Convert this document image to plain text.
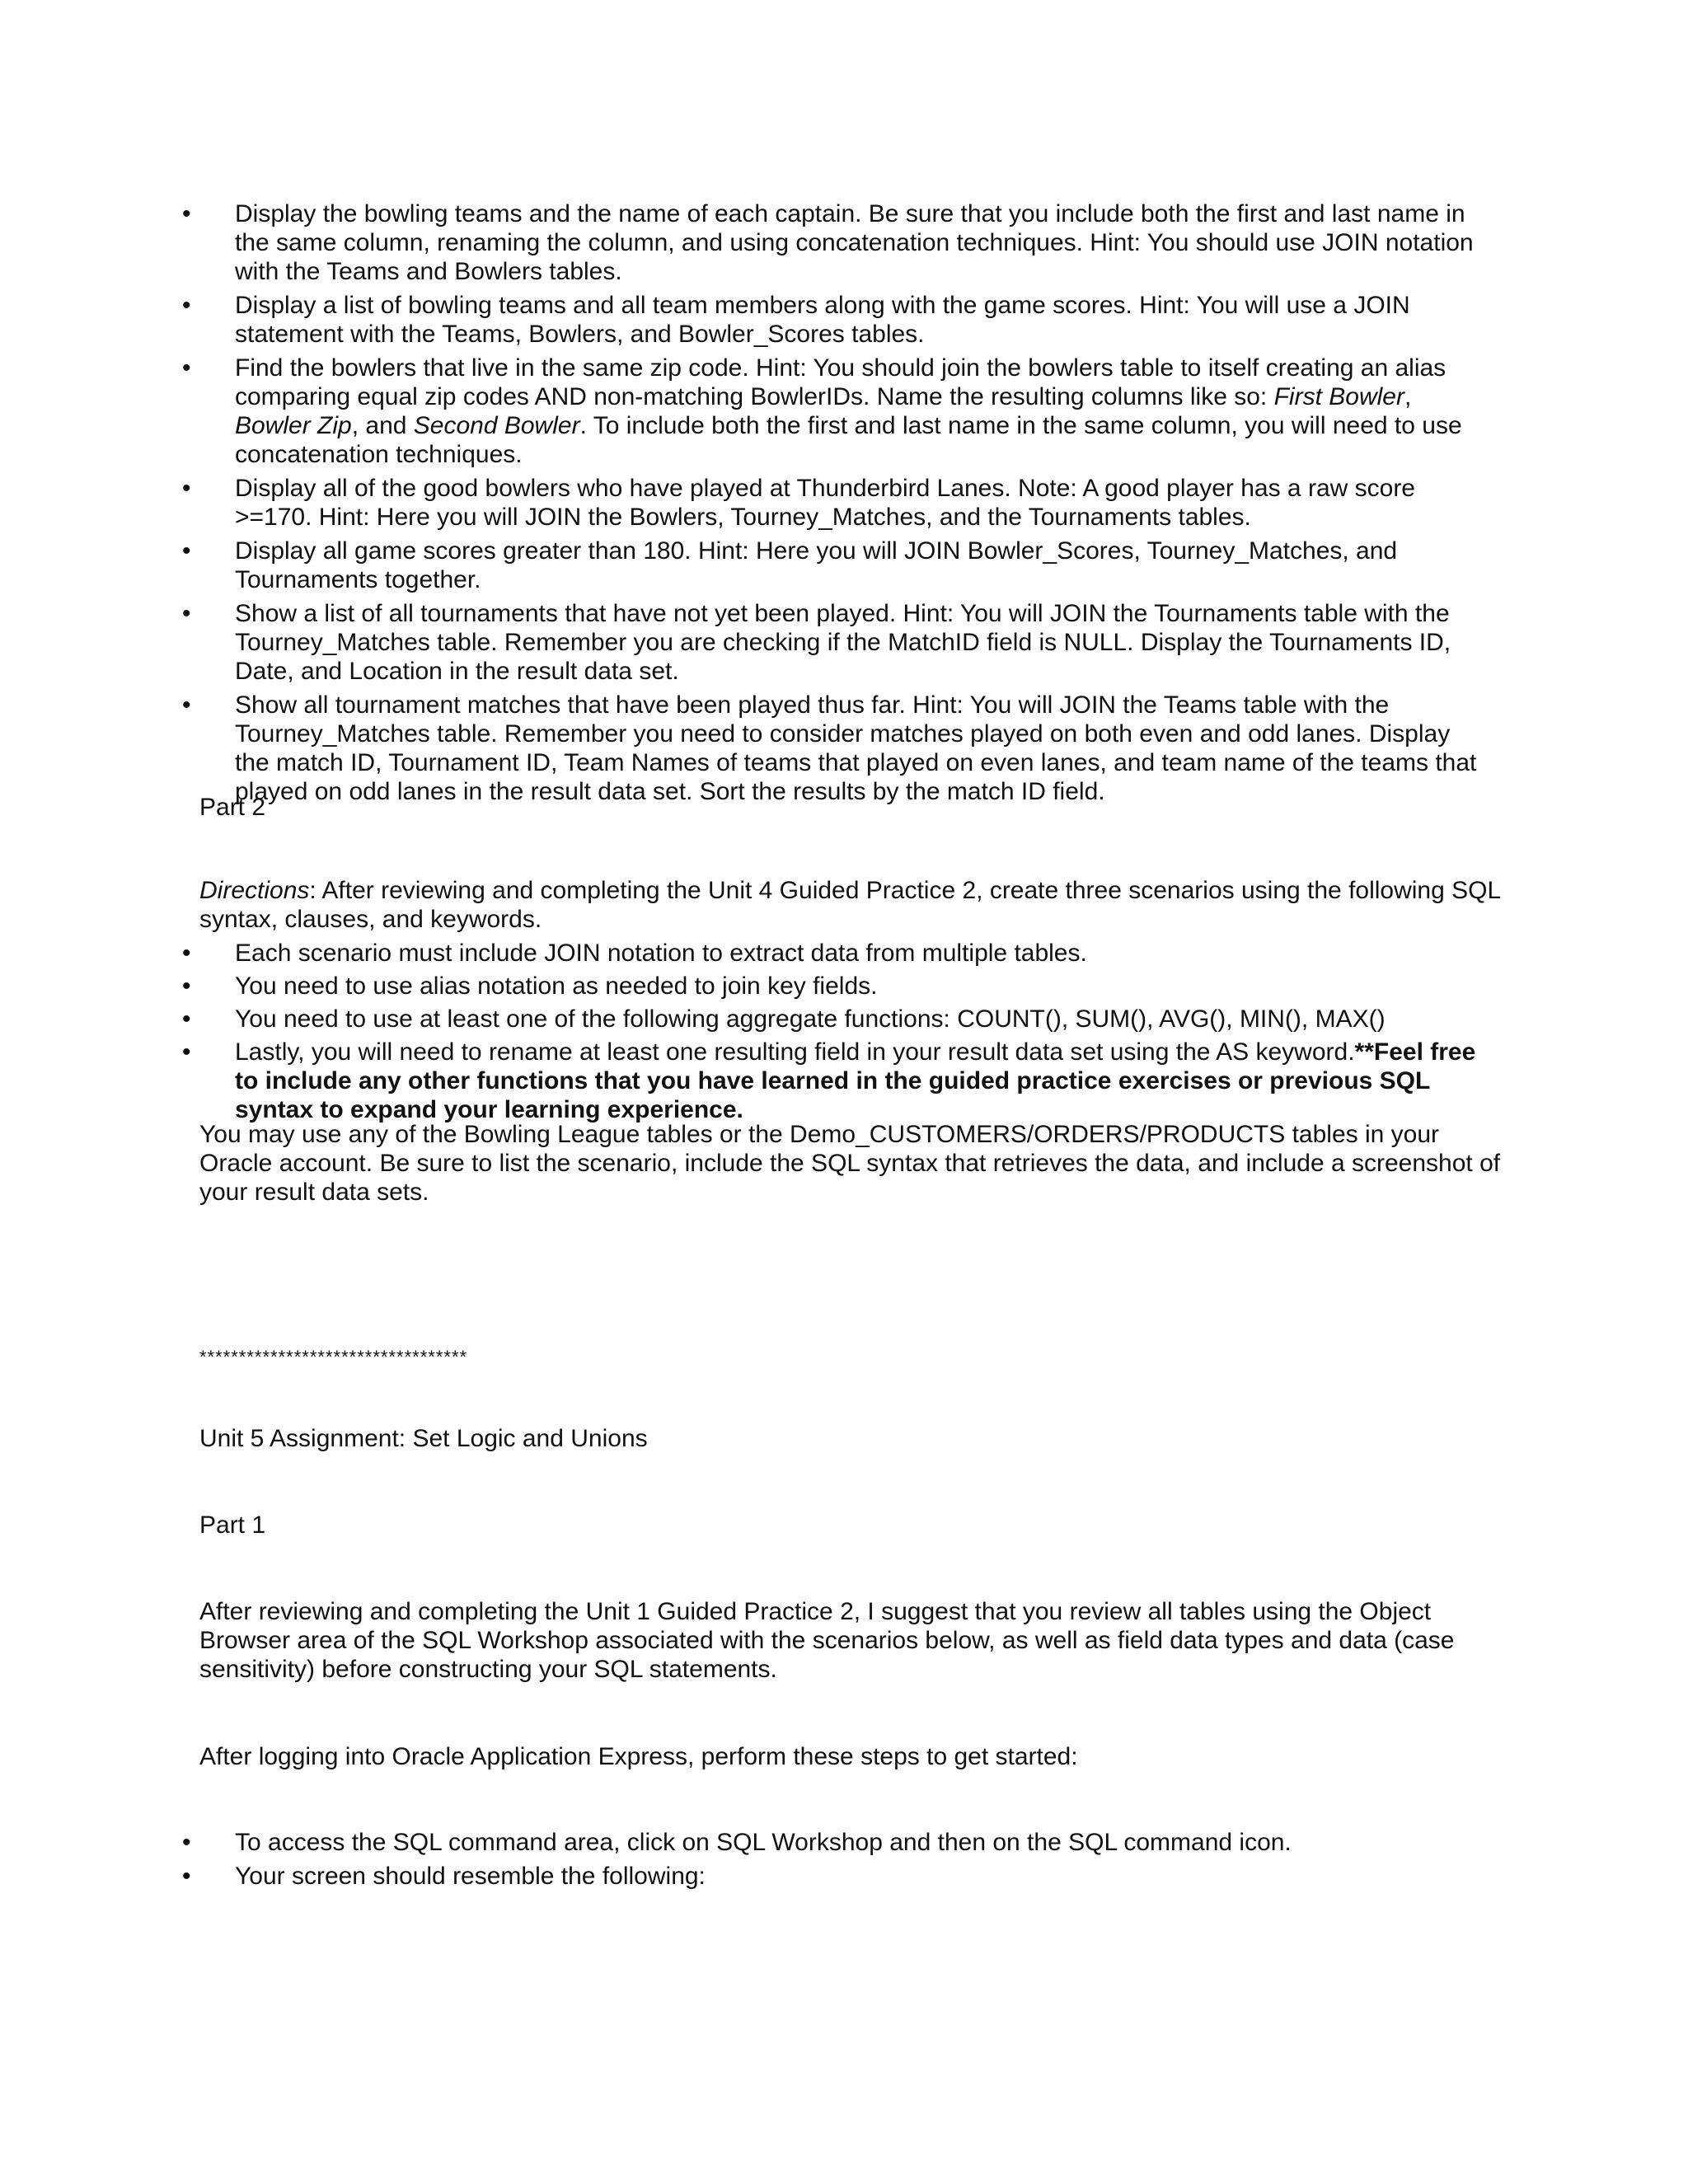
• Display the bowling teams and the name of each captain. Be sure that you include both the first and last name in the same column, renaming the column, and using concatenation techniques. Hint: You should use JOIN notation with the Teams and Bowlers tables.
• Display a list of bowling teams and all team members along with the game scores. Hint: You will use a JOIN statement with the Teams, Bowlers, and Bowler_Scores tables.
• Find the bowlers that live in the same zip code. Hint: You should join the bowlers table to itself creating an alias comparing equal zip codes AND non-matching BowlerIDs. Name the resulting columns like so: First Bowler, Bowler Zip, and Second Bowler. To include both the first and last name in the same column, you will need to use concatenation techniques.
• Display all of the good bowlers who have played at Thunderbird Lanes. Note: A good player has a raw score >=170. Hint: Here you will JOIN the Bowlers, Tourney_Matches, and the Tournaments tables.
• Display all game scores greater than 180. Hint: Here you will JOIN Bowler_Scores, Tourney_Matches, and Tournaments together.
• Show a list of all tournaments that have not yet been played. Hint: You will JOIN the Tournaments table with the Tourney_Matches table. Remember you are checking if the MatchID field is NULL. Display the Tournaments ID, Date, and Location in the result data set.
• Show all tournament matches that have been played thus far. Hint: You will JOIN the Teams table with the Tourney_Matches table. Remember you need to consider matches played on both even and odd lanes. Display the match ID, Tournament ID, Team Names of teams that played on even lanes, and team name of the teams that played on odd lanes in the result data set. Sort the results by the match ID field.

Part 2

Directions: After reviewing and completing the Unit 4 Guided Practice 2, create three scenarios using the following SQL syntax, clauses, and keywords.

• Each scenario must include JOIN notation to extract data from multiple tables.
• You need to use alias notation as needed to join key fields.
• You need to use at least one of the following aggregate functions: COUNT(), SUM(), AVG(), MIN(), MAX()
• Lastly, you will need to rename at least one resulting field in your result data set using the AS keyword.**Feel free to include any other functions that you have learned in the guided practice exercises or previous SQL syntax to expand your learning experience.

You may use any of the Bowling League tables or the Demo_CUSTOMERS/ORDERS/PRODUCTS tables in your Oracle account. Be sure to list the scenario, include the SQL syntax that retrieves the data, and include a screenshot of your result data sets.

**********************************

Unit 5 Assignment: Set Logic and Unions

Part 1

After reviewing and completing the Unit 1 Guided Practice 2, I suggest that you review all tables using the Object Browser area of the SQL Workshop associated with the scenarios below, as well as field data types and data (case sensitivity) before constructing your SQL statements.

After logging into Oracle Application Express, perform these steps to get started:

• To access the SQL command area, click on SQL Workshop and then on the SQL command icon.
• Your screen should resemble the following:
